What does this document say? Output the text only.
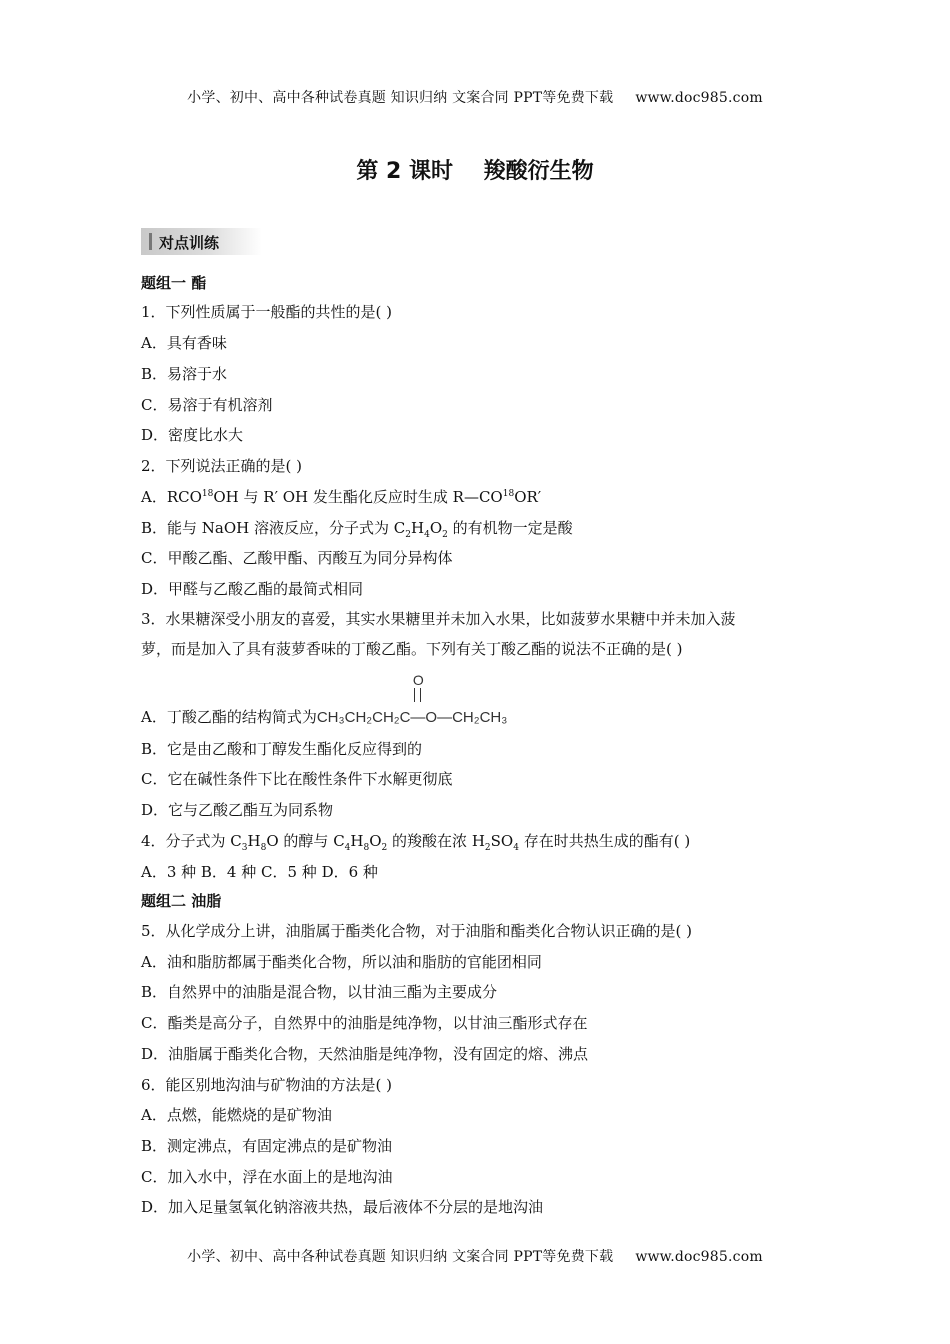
小学、初中、高中各种试卷真题 知识归纳 文案合同 PPT等免费下载 www.doc985.com
第 2 课时    羧酸衍生物
对点训练
题组一 酯
1．下列性质属于一般酯的共性的是( )
A．具有香味
B．易溶于水
C．易溶于有机溶剂
D．密度比水大
2．下列说法正确的是( )
A．RCO$^{18}$OH 与 R′ OH 发生酯化反应时生成 R—CO$^{18}$OR′
B．能与 NaOH 溶液反应，分子式为 $C_2H_4O_2$ 的有机物一定是酸
C．甲酸乙酯、乙酸甲酯、丙酸互为同分异构体
D．甲醛与乙酸乙酯的最简式相同
3．水果糖深受小朋友的喜爱，其实水果糖里并未加入水果，比如菠萝水果糖中并未加入菠
萝，而是加入了具有菠萝香味的丁酸乙酯。下列有关丁酸乙酯的说法不正确的是( )
A．丁酸乙酯的结构简式为
O
CH₃CH₂CH₂C—O—CH₂CH₃
B．它是由乙酸和丁醇发生酯化反应得到的
C．它在碱性条件下比在酸性条件下水解更彻底
D．它与乙酸乙酯互为同系物
4．分子式为 $C_3H_8O$ 的醇与 $C_4H_8O_2$ 的羧酸在浓 $H_2SO_4$ 存在时共热生成的酯有( )
A．3 种 B．4 种 C．5 种 D．6 种
题组二 油脂
5．从化学成分上讲，油脂属于酯类化合物，对于油脂和酯类化合物认识正确的是( )
A．油和脂肪都属于酯类化合物，所以油和脂肪的官能团相同
B．自然界中的油脂是混合物，以甘油三酯为主要成分
C．酯类是高分子，自然界中的油脂是纯净物，以甘油三酯形式存在
D．油脂属于酯类化合物，天然油脂是纯净物，没有固定的熔、沸点
6．能区别地沟油与矿物油的方法是( )
A．点燃，能燃烧的是矿物油
B．测定沸点，有固定沸点的是矿物油
C．加入水中，浮在水面上的是地沟油
D．加入足量氢氧化钠溶液共热，最后液体不分层的是地沟油
小学、初中、高中各种试卷真题 知识归纳 文案合同 PPT等免费下载 www.doc985.com
